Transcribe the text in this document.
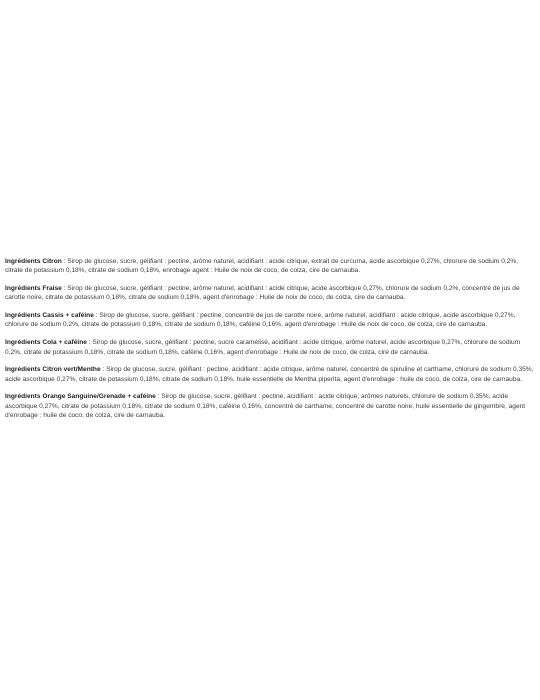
Ingrédients Citron : Sirop de glucose, sucre, gélifiant : pectine, arôme naturel, acidifiant : acide citrique, extrait de curcuma, acide ascorbique 0,27%, chlorure de sodium 0,2%, citrate de potassium 0,18%, citrate de sodium 0,18%, enrobage agent : Huile de noix de coco, de colza, cire de carnauba.

Ingrédients Fraise : Sirop de glucose, sucre, gélifiant : pectine, arôme naturel, acidifiant : acide citrique, acide ascorbique 0,27%, chlorure de sodium 0,2%, concentré de jus de carotte noire, citrate de potassium 0,18%, citrate de sodium 0,18%, agent d'enrobage : Huile de noix de coco, de colza, cire de carnauba.

Ingrédients Cassis + caféine : Sirop de glucose, sucre, gélifiant : pectine, concentré de jus de carotte noire, arôme naturel, acidifiant : acide citrique, acide ascorbique 0,27%, chlorure de sodium 0,2%, citrate de potassium 0,18%, citrate de sodium 0,18%, caféine 0,16%, agent d'enrobage : Huile de noix de coco, de colza, cire de carnauba.

Ingrédients Cola + caféine : Sirop de glucose, sucre, gélifiant : pectine, sucre caramélisé, acidifiant : acide citrique, arôme naturel, acide ascorbique 0,27%, chlorure de sodium 0,2%, citrate de potassium 0,18%, citrate de sodium 0,18%, caféine 0,16%, agent d'enrobage : Huile de noix de coco, de colza, cire de carnauba.

Ingrédients Citron vert/Menthe : Sirop de glucose, sucre, gélifiant : pectine, acidifiant : acide citrique, arôme naturel, concentré de spiruline et carthame, chlorure de sodium 0,35%, acide ascorbique 0,27%, citrate de potassium 0,18%, citrate de sodium 0,18%, huile essentielle de Mentha piperita, agent d'enrobage : huile de coco, de colza, cire de carnauba.

Ingrédients Orange Sanguine/Grenade + caféine : Sirop de glucose, sucre, gélifiant : pectine, acidifiant : acide citrique, arômes naturels, chlorure de sodium 0,35%, acide ascorbique 0,27%, citrate de potassium 0,18%, citrate de sodium 0,18%, caféine 0,16%, concentré de carthame, concentré de carotte noire, huile essentielle de gingembre, agent d'enrobage : huile de coco, de colza, cire de carnauba.
